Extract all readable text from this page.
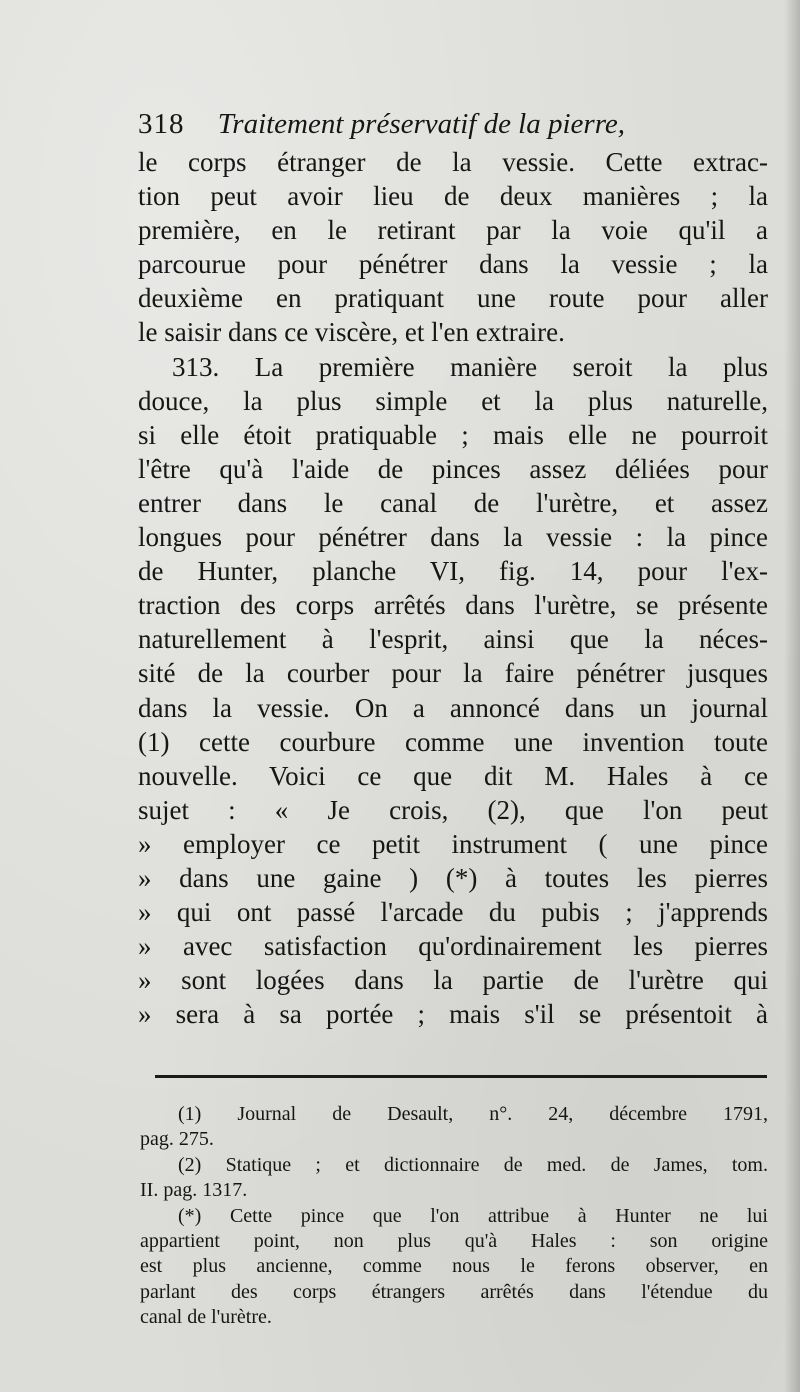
318 Traitement préservatif de la pierre,
le corps étranger de la vessie. Cette extrac-
tion peut avoir lieu de deux manières ; la
première, en le retirant par la voie qu'il a
parcourue pour pénétrer dans la vessie ; la
deuxième en pratiquant une route pour aller
le saisir dans ce viscère, et l'en extraire.
313. La première manière seroit la plus
douce, la plus simple et la plus naturelle,
si elle étoit pratiquable ; mais elle ne pourroit
l'être qu'à l'aide de pinces assez déliées pour
entrer dans le canal de l'urètre, et assez
longues pour pénétrer dans la vessie : la pince
de Hunter, planche VI, fig. 14, pour l'ex-
traction des corps arrêtés dans l'urètre, se présente
naturellement à l'esprit, ainsi que la néces-
sité de la courber pour la faire pénétrer jusques
dans la vessie. On a annoncé dans un journal
(1) cette courbure comme une invention toute
nouvelle. Voici ce que dit M. Hales à ce
sujet : « Je crois, (2), que l'on peut
» employer ce petit instrument ( une pince
» dans une gaine ) (*) à toutes les pierres
» qui ont passé l'arcade du pubis ; j'apprends
» avec satisfaction qu'ordinairement les pierres
» sont logées dans la partie de l'urètre qui
» sera à sa portée ; mais s'il se présentoit à
(1) Journal de Desault, n°. 24, décembre 1791,
pag. 275.
(2) Statique ; et dictionnaire de med. de James, tom.
II. pag. 1317.
(*) Cette pince que l'on attribue à Hunter ne lui
appartient point, non plus qu'à Hales : son origine
est plus ancienne, comme nous le ferons observer, en
parlant des corps étrangers arrêtés dans l'étendue du
canal de l'urètre.
